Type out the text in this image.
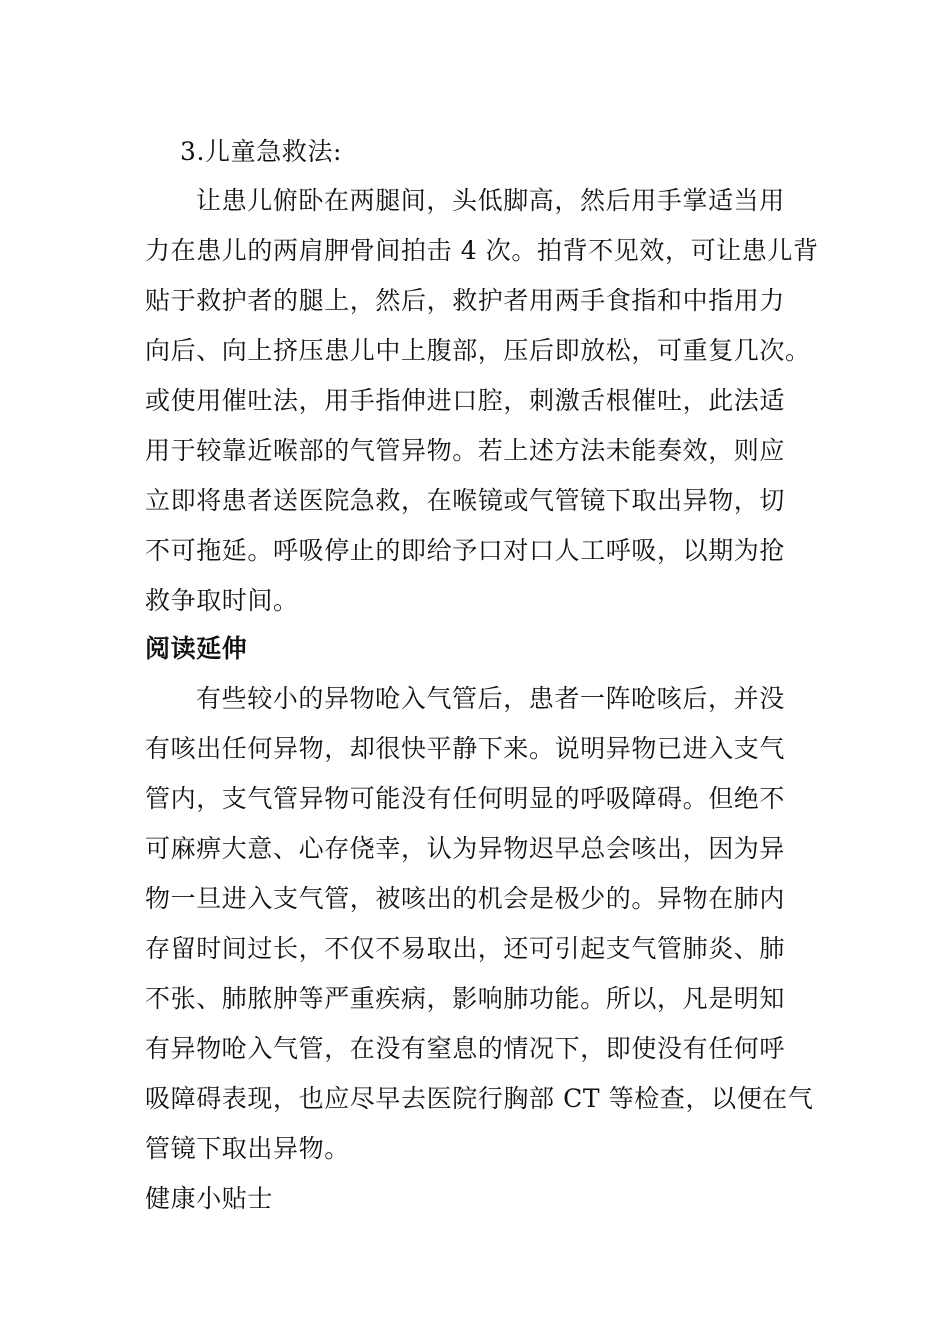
3.儿童急救法:
让患儿俯卧在两腿间，头低脚高，然后用手掌适当用
力在患儿的两肩胛骨间拍击 4 次。拍背不见效，可让患儿背
贴于救护者的腿上，然后，救护者用两手食指和中指用力
向后、向上挤压患儿中上腹部，压后即放松，可重复几次。
或使用催吐法，用手指伸进口腔，刺激舌根催吐，此法适
用于较靠近喉部的气管异物。若上述方法未能奏效，则应
立即将患者送医院急救，在喉镜或气管镜下取出异物，切
不可拖延。呼吸停止的即给予口对口人工呼吸，以期为抢
救争取时间。
阅读延伸
有些较小的异物呛入气管后，患者一阵呛咳后，并没
有咳出任何异物，却很快平静下来。说明异物已进入支气
管内，支气管异物可能没有任何明显的呼吸障碍。但绝不
可麻痹大意、心存侥幸，认为异物迟早总会咳出，因为异
物一旦进入支气管，被咳出的机会是极少的。异物在肺内
存留时间过长，不仅不易取出，还可引起支气管肺炎、肺
不张、肺脓肿等严重疾病，影响肺功能。所以，凡是明知
有异物呛入气管，在没有窒息的情况下，即使没有任何呼
吸障碍表现，也应尽早去医院行胸部 CT 等检查，以便在气
管镜下取出异物。
健康小贴士
